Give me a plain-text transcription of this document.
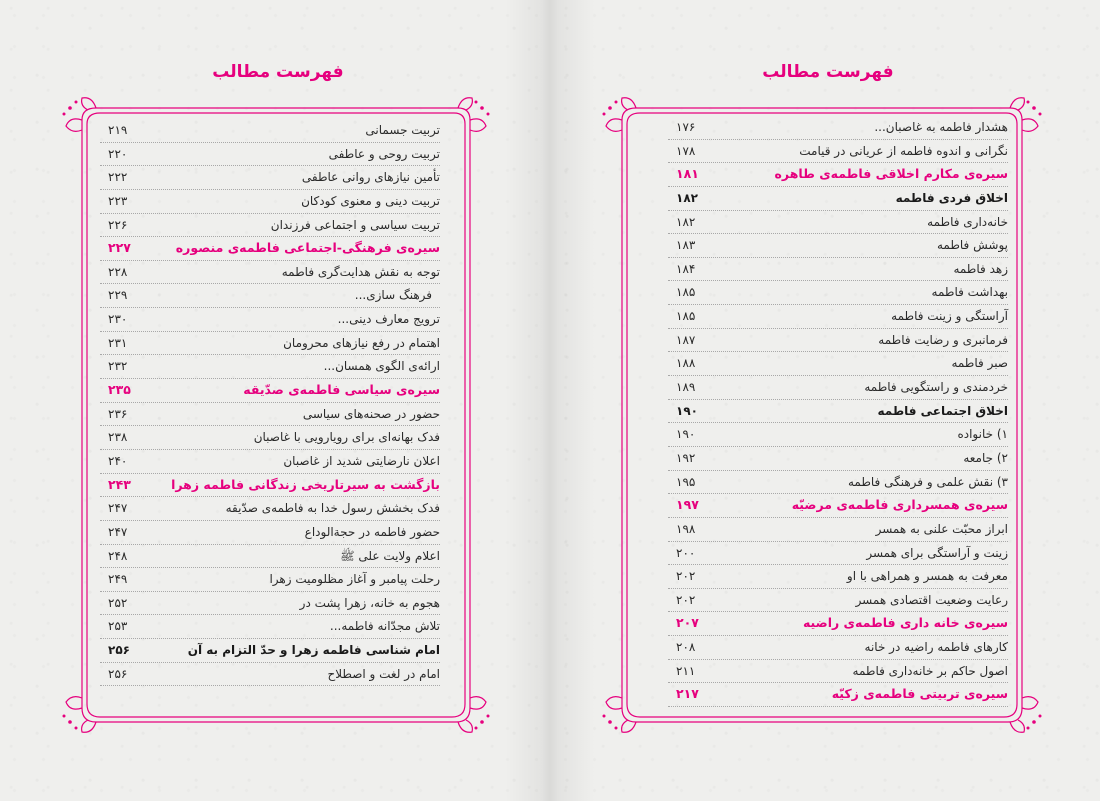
فهرست مطالب
تربیت جسمانی
۲۱۹
تربیت روحی و عاطفی
۲۲۰
تأمین نیازهای روانی عاطفی
۲۲۲
تربیت دینی و معنوی کودکان
۲۲۳
تربیت سیاسی و اجتماعی فرزندان
۲۲۶
سیره‌ی فرهنگی-اجتماعی فاطمه‌ی منصوره
۲۲۷
توجه به نقش هدایت‌گری فاطمه
۲۲۸
فرهنگ سازی...
۲۲۹
ترویج معارف دینی...
۲۳۰
اهتمام در رفع نیازهای محرومان
۲۳۱
ارائه‌ی الگوی همسان...
۲۳۲
سیره‌ی سیاسی فاطمه‌ی صدّیقه
۲۳۵
حضور در صحنه‌های سیاسی
۲۳۶
فدک بهانه‌ای برای رویارویی با غاصبان
۲۳۸
اعلان نارضایتی شدید از غاصبان
۲۴۰
بازگشت به سیرتاریخی زندگانی فاطمه زهرا
۲۴۳
فدک بخشش رسول خدا به فاطمه‌ی صدّیقه
۲۴۷
حضور فاطمه در حجة‌الوداع
۲۴۷
اعلام ولایت علی ﷺ
۲۴۸
رحلت پیامبر و آغاز مظلومیت زهرا
۲۴۹
هجوم به خانه، زهرا پشت در
۲۵۲
تلاش مجدّانه فاطمه...
۲۵۳
امام شناسی فاطمه زهرا و حدّ التزام به آن
۲۵۶
امام در لغت و اصطلاح
۲۵۶
فهرست مطالب
هشدار فاطمه به غاصبان...
۱۷۶
نگرانی و اندوه فاطمه از عریانی در قیامت
۱۷۸
سیره‌ی مکارم اخلاقی فاطمه‌ی طاهره
۱۸۱
اخلاق فردی فاطمه
۱۸۲
خانه‌داری فاطمه
۱۸۲
پوشش فاطمه
۱۸۳
زهد فاطمه
۱۸۴
بهداشت فاطمه
۱۸۵
آراستگی و زینت فاطمه
۱۸۵
فرمانبری و رضایت فاطمه
۱۸۷
صبر فاطمه
۱۸۸
خردمندی و راستگویی فاطمه
۱۸۹
اخلاق اجتماعی فاطمه
۱۹۰
۱) خانواده
۱۹۰
۲) جامعه
۱۹۲
۳) نقش علمی و فرهنگی فاطمه
۱۹۵
سیره‌ی همسرداری فاطمه‌ی مرضیّه
۱۹۷
ابراز محبّت علنی به همسر
۱۹۸
زینت و آراستگی برای همسر
۲۰۰
معرفت به همسر و همراهی با او
۲۰۲
رعایت وضعیت اقتصادی همسر
۲۰۲
سیره‌ی خانه داری فاطمه‌ی راضیه
۲۰۷
کارهای فاطمه راضیه در خانه
۲۰۸
اصول حاکم بر خانه‌داری فاطمه
۲۱۱
سیره‌ی تربیتی فاطمه‌ی زکیّه
۲۱۷
